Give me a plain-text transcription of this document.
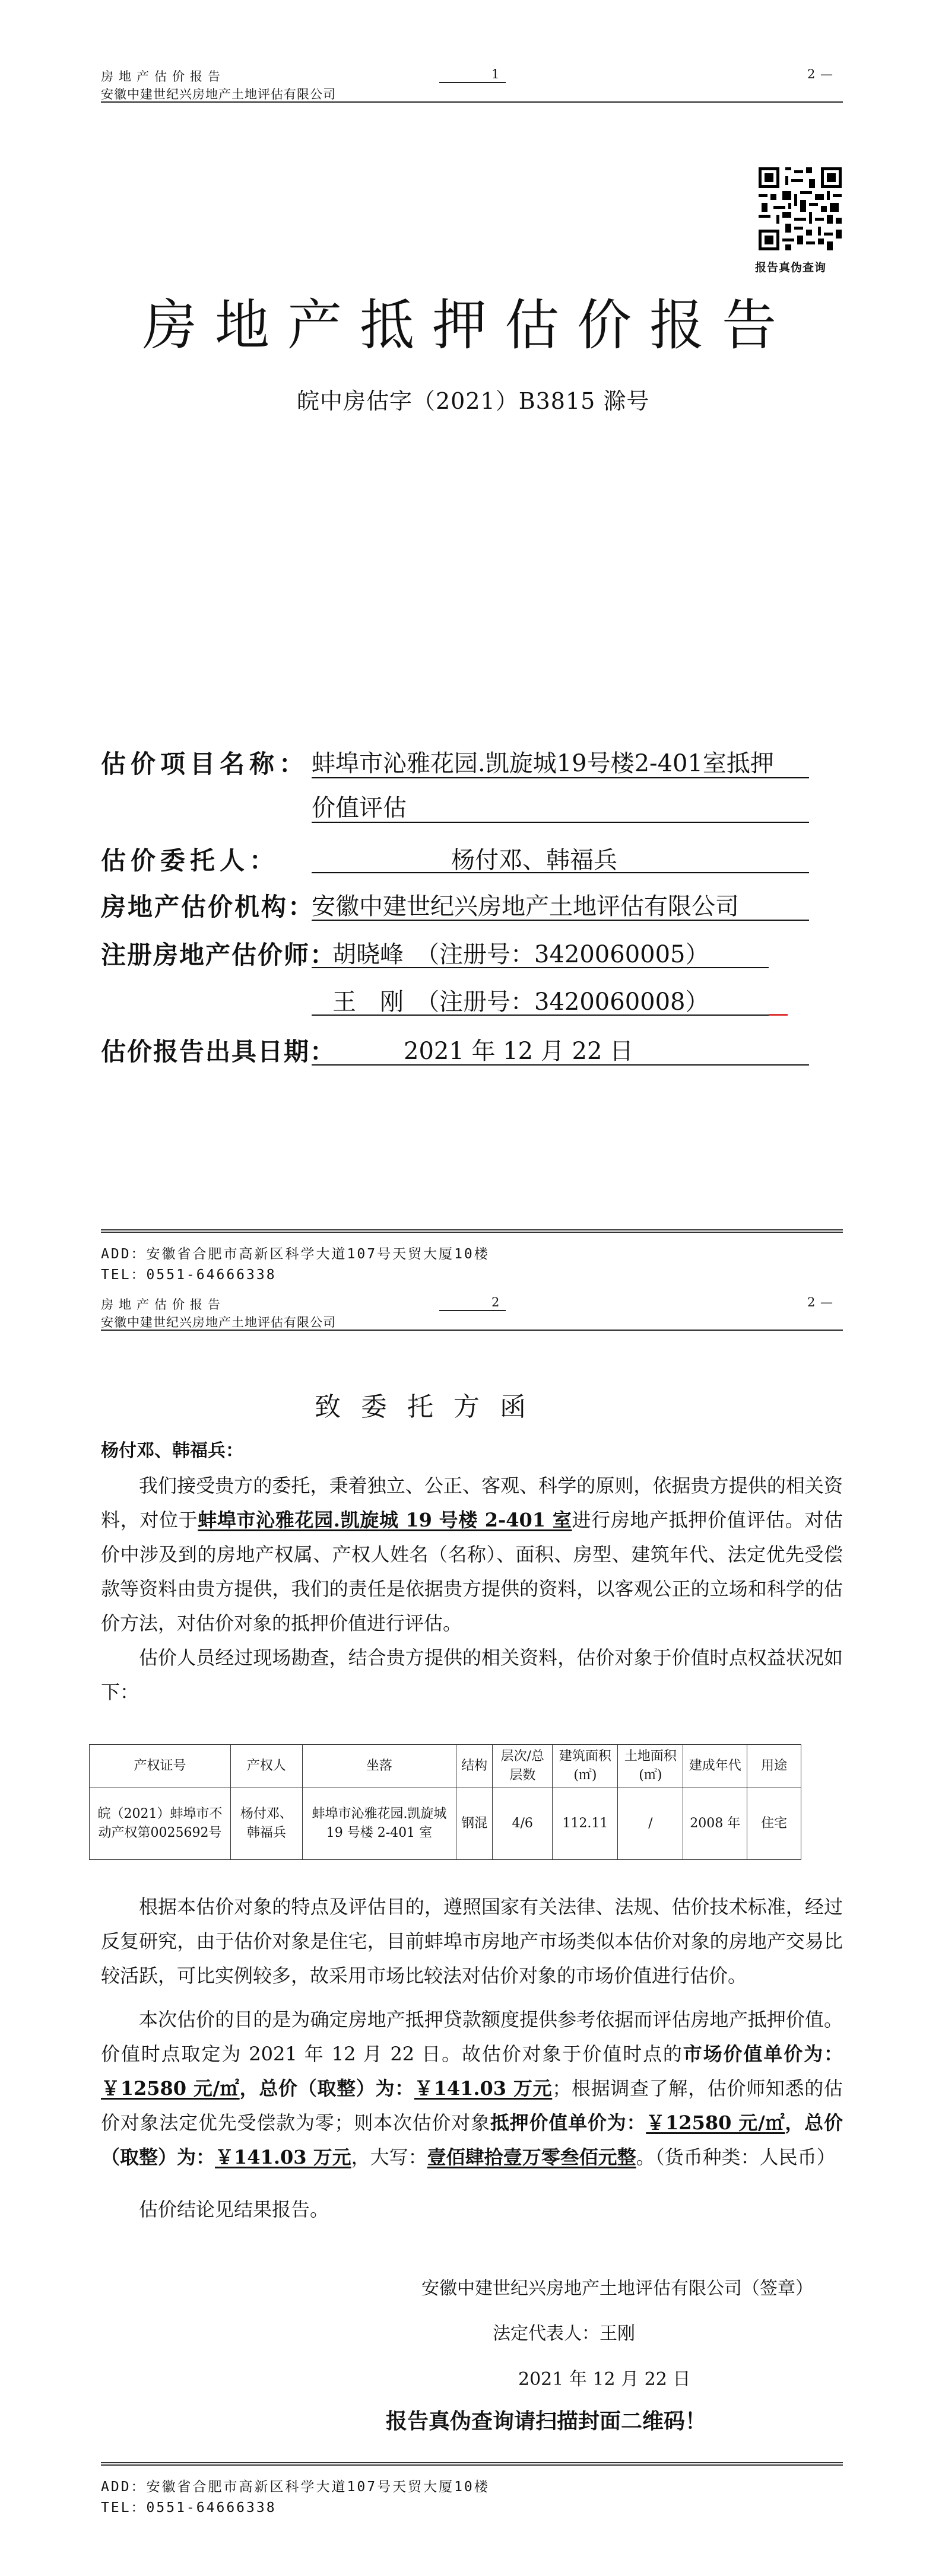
房地产估价报告
安徽中建世纪兴房地产土地评估有限公司
1	2 —
报告真伪查询
房地产抵押估价报告
皖中房估字（2021）B3815 滁号
估价项目名称： 蚌埠市沁雅花园.凯旋城19号楼2-401室抵押
价值评估
估价委托人：	杨付邓、韩福兵
房地产估价机构：
安徽中建世纪兴房地产土地评估有限公司
注册房地产估价师：
胡晓峰　（注册号：3420060005）
王　刚　（注册号：3420060008）
估价报告出具日期：	2021 年 12 月 22 日
ADD：安徽省合肥市高新区科学大道107号天贸大厦10楼
TEL：0551-64666338
房地产估价报告
安徽中建世纪兴房地产土地评估有限公司
2	2 —
致委托方函
杨付邓、韩福兵：
我们接受贵方的委托，秉着独立、公正、客观、科学的原则，依据贵方提供的相关资料，对位于蚌埠市沁雅花园.凯旋城 19 号楼 2-401 室进行房地产抵押价值评估。对估价中涉及到的房地产权属、产权人姓名（名称）、面积、房型、建筑年代、法定优先受偿款等资料由贵方提供，我们的责任是依据贵方提供的资料，以客观公正的立场和科学的估价方法，对估价对象的抵押价值进行评估。
估价人员经过现场勘查，结合贵方提供的相关资料，估价对象于价值时点权益状况如下：
产权证号	产权人	坐落	结构	层次/总层数	建筑面积(㎡)	土地面积(㎡)	建成年代	用途
皖（2021）蚌埠市不动产权第0025692号	杨付邓、韩福兵	蚌埠市沁雅花园.凯旋城 19 号楼 2-401 室	钢混	4/6	112.11	/	2008 年	住宅
根据本估价对象的特点及评估目的，遵照国家有关法律、法规、估价技术标准，经过反复研究，由于估价对象是住宅，目前蚌埠市房地产市场类似本估价对象的房地产交易比较活跃，可比实例较多，故采用市场比较法对估价对象的市场价值进行估价。
本次估价的目的是为确定房地产抵押贷款额度提供参考依据而评估房地产抵押价值。价值时点取定为 2021 年 12 月 22 日。故估价对象于价值时点的市场价值单价为：￥12580 元/㎡，总价（取整）为：￥141.03 万元；根据调查了解，估价师知悉的估价对象法定优先受偿款为零；则本次估价对象抵押价值单价为：￥12580 元/㎡，总价（取整）为：￥141.03 万元，大写：壹佰肆拾壹万零叁佰元整。（货币种类：人民币）
估价结论见结果报告。
安徽中建世纪兴房地产土地评估有限公司（签章）
法定代表人：王刚
2021 年 12 月 22 日
报告真伪查询请扫描封面二维码！
ADD：安徽省合肥市高新区科学大道107号天贸大厦10楼
TEL：0551-64666338
